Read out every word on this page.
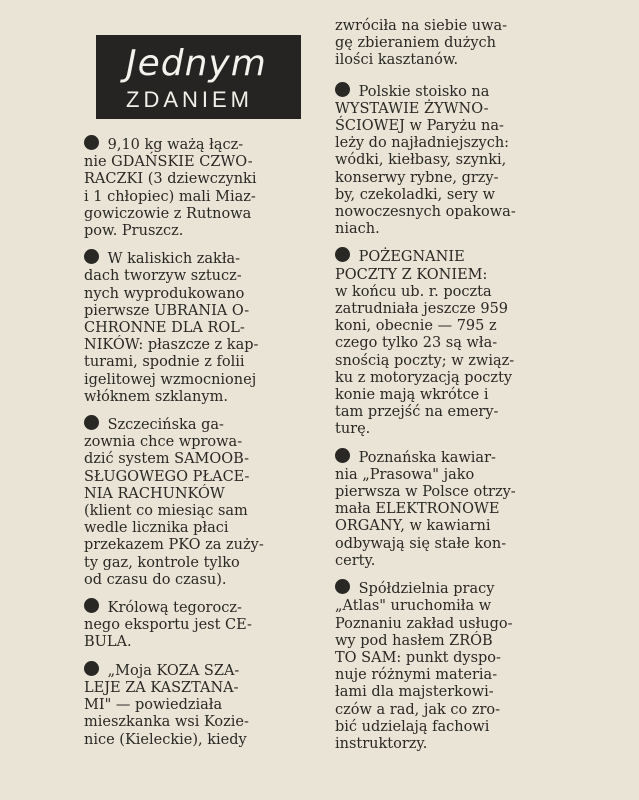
Jednym
ZDANIEM
9,10 kg ważą łącz-
nie GDAŃSKIE CZWO-
RACZKI (3 dziewczynki
i 1 chłopiec) mali Miaz-
gowiczowie z Rutnowa
pow. Pruszcz.
W kaliskich zakła-
dach tworzyw sztucz-
nych wyprodukowano
pierwsze UBRANIA O-
CHRONNE DLA ROL-
NIKÓW: płaszcze z kap-
turami, spodnie z folii
igelitowej wzmocnionej
włóknem szklanym.
Szczecińska ga-
zownia chce wprowa-
dzić system SAMOOB-
SŁUGOWEGO PŁACE-
NIA RACHUNKÓW
(klient co miesiąc sam
wedle licznika płaci
przekazem PKO za zuży-
ty gaz, kontrole tylko
od czasu do czasu).
Królową tegorocz-
nego eksportu jest CE-
BULA.
„Moja KOZA SZA-
LEJE ZA KASZTANA-
MI" — powiedziała
mieszkanka wsi Kozie-
nice (Kieleckie), kiedy
zwróciła na siebie uwa-
gę zbieraniem dużych
ilości kasztanów.
Polskie stoisko na
WYSTAWIE ŻYWNO-
ŚCIOWEJ w Paryżu na-
leży do najładniejszych:
wódki, kiełbasy, szynki,
konserwy rybne, grzy-
by, czekoladki, sery w
nowoczesnych opakowa-
niach.
POŻEGNANIE
POCZTY Z KONIEM:
w końcu ub. r. poczta
zatrudniała jeszcze 959
koni, obecnie — 795 z
czego tylko 23 są wła-
snością poczty; w związ-
ku z motoryzacją poczty
konie mają wkrótce i
tam przejść na emery-
turę.
Poznańska kawiar-
nia „Prasowa" jako
pierwsza w Polsce otrzy-
mała ELEKTRONOWE
ORGANY, w kawiarni
odbywają się stałe kon-
certy.
Spółdzielnia pracy
„Atlas" uruchomiła w
Poznaniu zakład usługo-
wy pod hasłem ZRÓB
TO SAM: punkt dyspo-
nuje różnymi materia-
łami dla majsterkowi-
czów a rad, jak co zro-
bić udzielają fachowi
instruktorzy.
